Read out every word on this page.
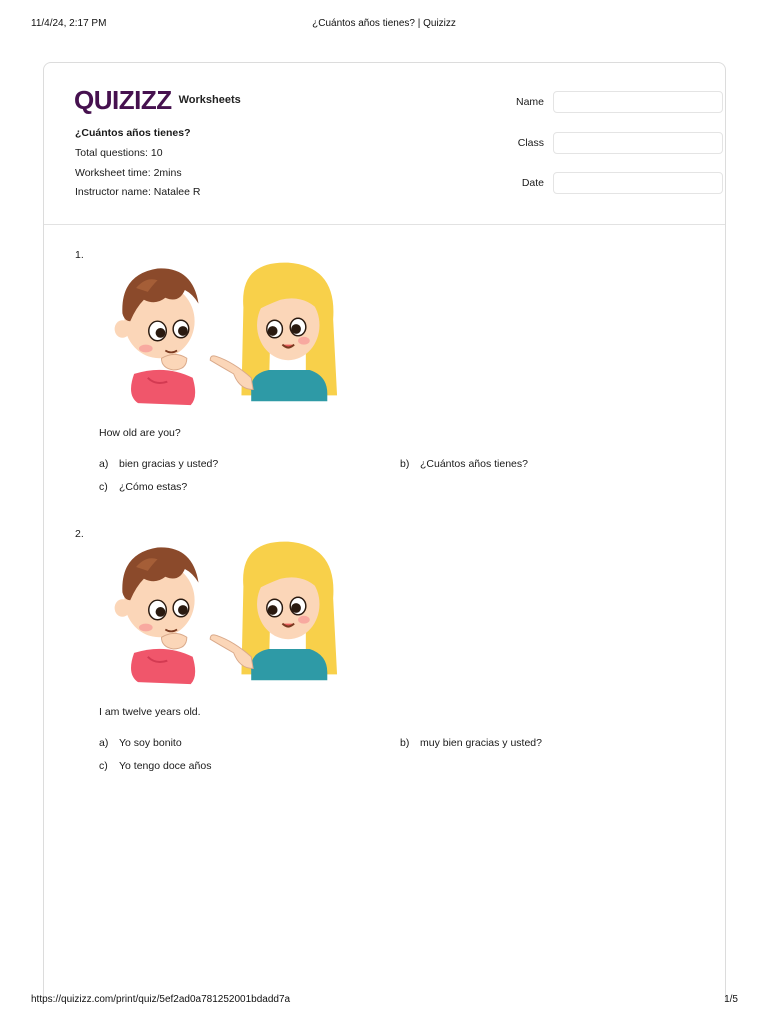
11/4/24, 2:17 PM	¿Cuántos años tienes? | Quizizz
QUIZIZZ Worksheets
¿Cuántos años tienes?
Total questions: 10
Worksheet time: 2mins
Instructor name: Natalee R
Name
Class
Date
1.
How old are you?
a) bien gracias y usted?	b) ¿Cuántos años tienes?
c) ¿Cómo estas?
2.
I am twelve years old.
a) Yo soy bonito	b) muy bien gracias y usted?
c) Yo tengo doce años
https://quizizz.com/print/quiz/5ef2ad0a781252001bdadd7a	1/5
